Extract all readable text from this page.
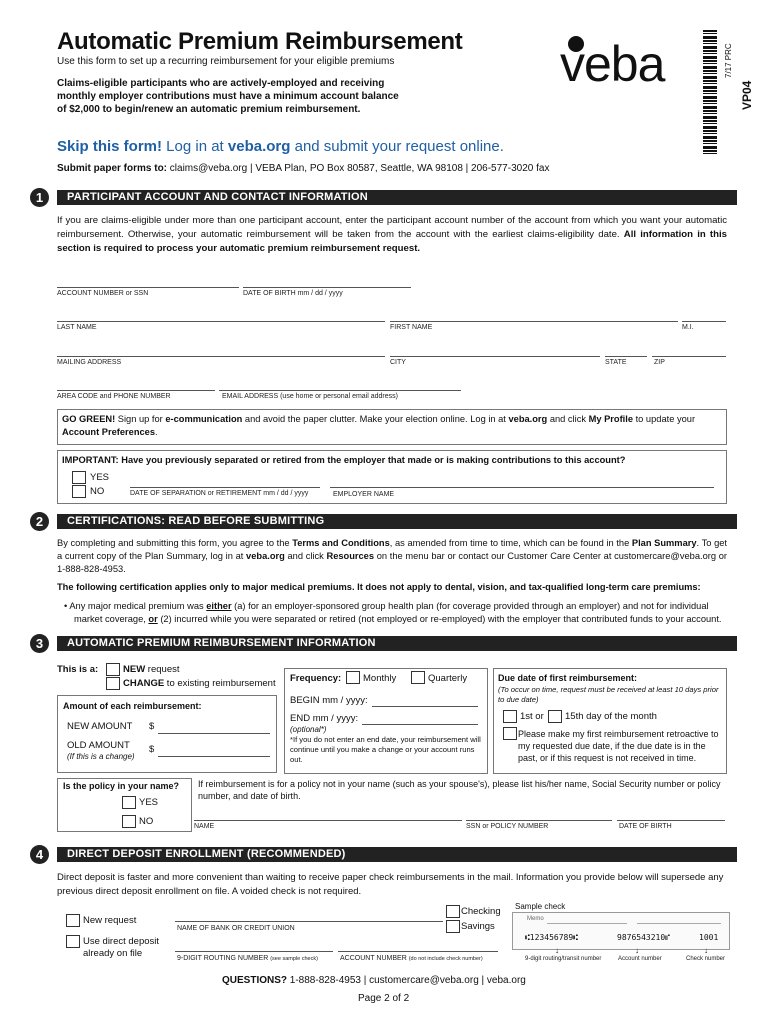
Automatic Premium Reimbursement
Use this form to set up a recurring reimbursement for your eligible premiums
Claims-eligible participants who are actively-employed and receiving
monthly employer contributions must have a minimum account balance
of $2,000 to begin/renew an automatic premium reimbursement.
veba	7/17 PRC
VP04
Skip this form! Log in at veba.org and submit your request online.
Submit paper forms to: claims@veba.org | VEBA Plan, PO Box 80587, Seattle, WA 98108 | 206-577-3020 fax
1	PARTICIPANT ACCOUNT AND CONTACT INFORMATION
If you are claims-eligible under more than one participant account, enter the participant account number of the account from which you want your automatic reimbursement. Otherwise, your automatic reimbursement will be taken from the account with the earliest claims-eligibility date. All information in this section is required to process your automatic premium reimbursement request.
ACCOUNT NUMBER or SSN	DATE OF BIRTH mm / dd / yyyy
LAST NAME	FIRST NAME	M.I.
MAILING ADDRESS	CITY	STATE	ZIP
AREA CODE and PHONE NUMBER	EMAIL ADDRESS (use home or personal email address)
GO GREEN! Sign up for e-communication and avoid the paper clutter. Make your election online. Log in at veba.org and click My Profile to update your Account Preferences.
IMPORTANT: Have you previously separated or retired from the employer that made or is making contributions to this account?
YES
NO	DATE OF SEPARATION or RETIREMENT mm / dd / yyyy	EMPLOYER NAME
2	CERTIFICATIONS: READ BEFORE SUBMITTING
By completing and submitting this form, you agree to the Terms and Conditions, as amended from time to time, which can be found in the Plan Summary. To get a current copy of the Plan Summary, log in at veba.org and click Resources on the menu bar or contact our Customer Care Center at customercare@veba.org or 1-888-828-4953.
The following certification applies only to major medical premiums. It does not apply to dental, vision, and tax-qualified long-term care premiums:
• Any major medical premium was either (a) for an employer-sponsored group health plan (for coverage provided through an employer) and not for individual market coverage, or (2) incurred while you were separated or retired (not employed or re-employed) with the employer that contributed funds to your account.
3	AUTOMATIC PREMIUM REIMBURSEMENT INFORMATION
This is a:	NEW request
CHANGE to existing reimbursement
Amount of each reimbursement:
NEW AMOUNT $
OLD AMOUNT
(If this is a change)
$
Frequency: Monthly	Quarterly
BEGIN mm / yyyy:
END mm / yyyy:
(optional*)
*If you do not enter an end date, your reimbursement will continue until you make a change or your account runs out.
Due date of first reimbursement:
(To occur on time, request must be received at least 10 days prior to due date)
1st or 15th day of the month
Please make my first reimbursement retroactive to my requested due date, if the due date is in the past, or if this request is not received in time.
Is the policy in your name?
YES
NO
If reimbursement is for a policy not in your name (such as your spouse's), please list his/her name, Social Security number or policy number, and date of birth.
NAME	SSN or POLICY NUMBER	DATE OF BIRTH
4	DIRECT DEPOSIT ENROLLMENT (RECOMMENDED)
Direct deposit is faster and more convenient than waiting to receive paper check reimbursements in the mail. Information you provide below will supersede any previous direct deposit enrollment on file. A voided check is not required.
New request
Use direct deposit already on file
NAME OF BANK OR CREDIT UNION
Checking
Savings
9-DIGIT ROUTING NUMBER (see sample check)	ACCOUNT NUMBER (do not include check number)
Sample check
Memo
⑆123456789⑆	9876543210⑈	1001
↓	↓	↓
9-digit routing/transit number	Account number	Check number
QUESTIONS? 1-888-828-4953 | customercare@veba.org | veba.org
Page 2 of 2
